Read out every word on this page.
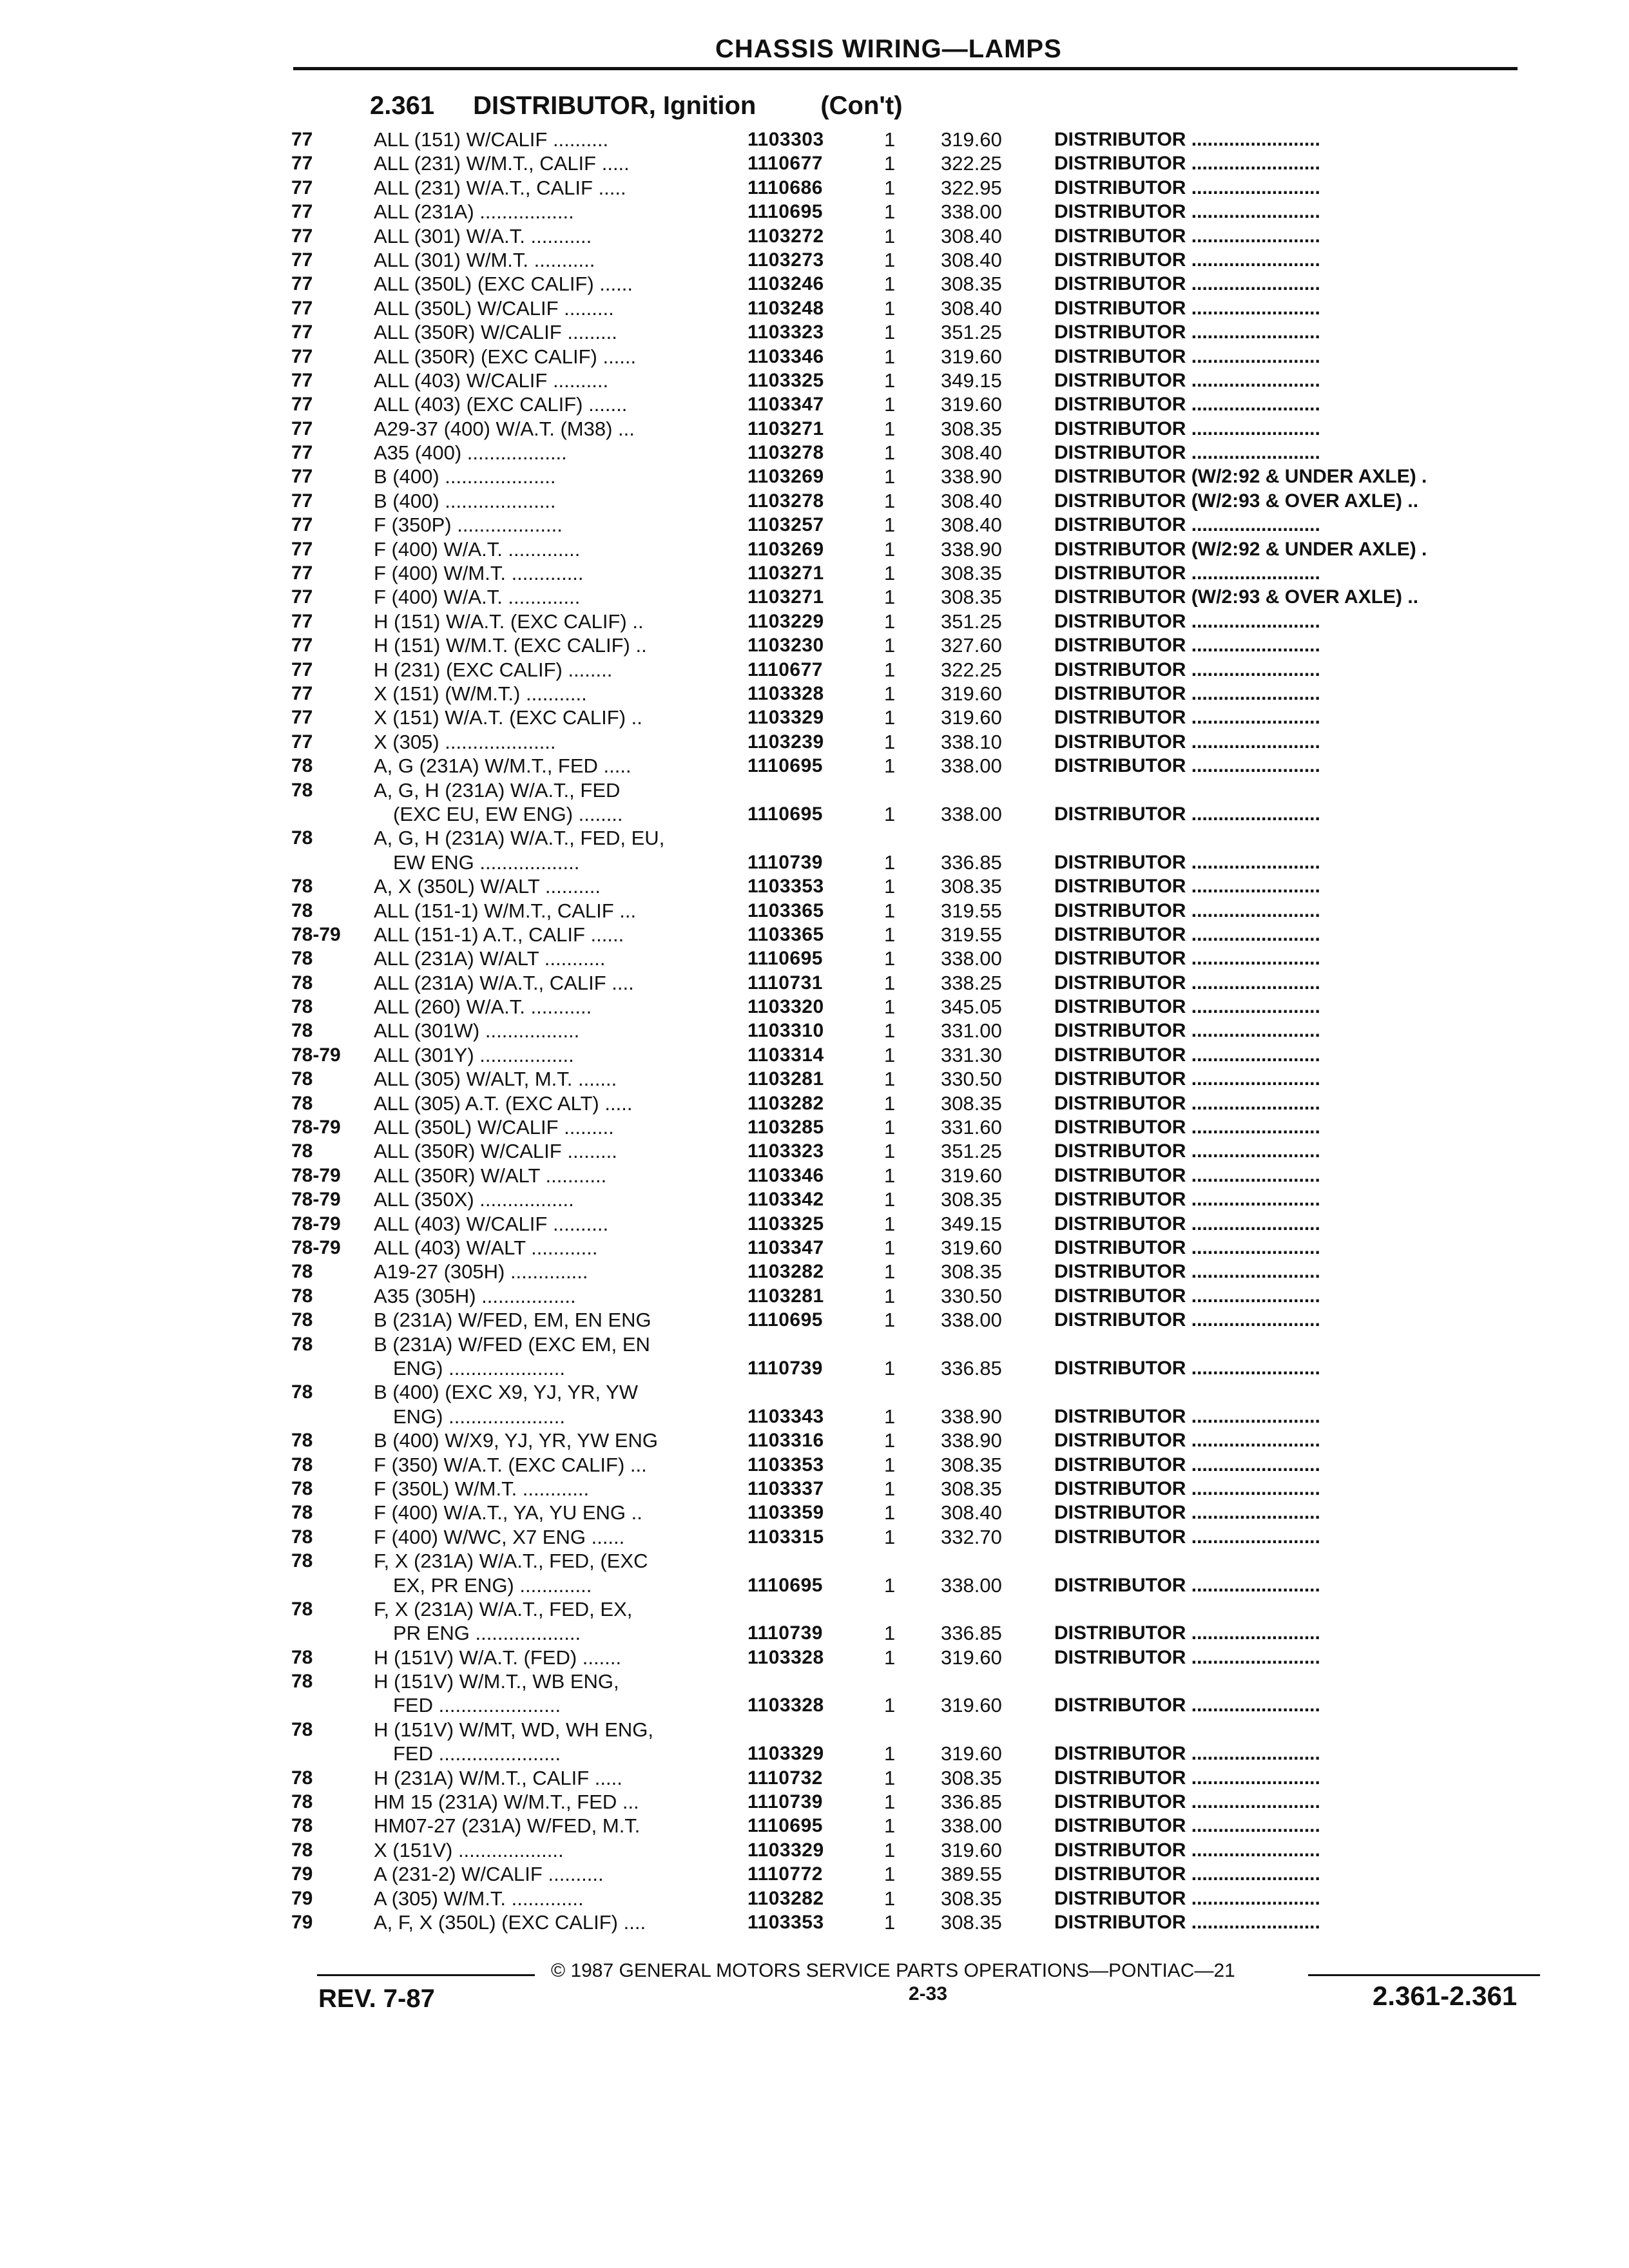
CHASSIS WIRING—LAMPS
2.361 DISTRIBUTOR, Ignition	(Con't)
77	ALL (151) W/CALIF ..........	1103303	1 319.60	DISTRIBUTOR ........................
77	ALL (231) W/M.T., CALIF .....	1110677	1 322.25	DISTRIBUTOR ........................
77	ALL (231) W/A.T., CALIF .....	1110686	1 322.95	DISTRIBUTOR ........................
77	ALL (231A) .................	1110695	1 338.00	DISTRIBUTOR ........................
77	ALL (301) W/A.T. ...........	1103272	1 308.40	DISTRIBUTOR ........................
77	ALL (301) W/M.T. ...........	1103273	1 308.40	DISTRIBUTOR ........................
77	ALL (350L) (EXC CALIF) ......	1103246	1 308.35	DISTRIBUTOR ........................
77	ALL (350L) W/CALIF .........	1103248	1 308.40	DISTRIBUTOR ........................
77	ALL (350R) W/CALIF .........	1103323	1 351.25	DISTRIBUTOR ........................
77	ALL (350R) (EXC CALIF) ......	1103346	1 319.60	DISTRIBUTOR ........................
77	ALL (403) W/CALIF ..........	1103325	1 349.15	DISTRIBUTOR ........................
77	ALL (403) (EXC CALIF) .......	1103347	1 319.60	DISTRIBUTOR ........................
77	A29-37 (400) W/A.T. (M38) ...	1103271	1 308.35	DISTRIBUTOR ........................
77	A35 (400) ..................	1103278	1 308.40	DISTRIBUTOR ........................
77	B (400) ....................	1103269	1 338.90	DISTRIBUTOR (W/2:92 & UNDER AXLE) .
77	B (400) ....................	1103278	1 308.40	DISTRIBUTOR (W/2:93 & OVER AXLE) ..
77	F (350P) ...................	1103257	1 308.40	DISTRIBUTOR ........................
77	F (400) W/A.T. .............	1103269	1 338.90	DISTRIBUTOR (W/2:92 & UNDER AXLE) .
77	F (400) W/M.T. .............	1103271	1 308.35	DISTRIBUTOR ........................
77	F (400) W/A.T. .............	1103271	1 308.35	DISTRIBUTOR (W/2:93 & OVER AXLE) ..
77	H (151) W/A.T. (EXC CALIF) ..	1103229	1 351.25	DISTRIBUTOR ........................
77	H (151) W/M.T. (EXC CALIF) ..	1103230	1 327.60	DISTRIBUTOR ........................
77	H (231) (EXC CALIF) ........	1110677	1 322.25	DISTRIBUTOR ........................
77	X (151) (W/M.T.) ...........	1103328	1 319.60	DISTRIBUTOR ........................
77	X (151) W/A.T. (EXC CALIF) ..	1103329	1 319.60	DISTRIBUTOR ........................
77	X (305) ....................	1103239	1 338.10	DISTRIBUTOR ........................
78	A, G (231A) W/M.T., FED .....	1110695	1 338.00	DISTRIBUTOR ........................
78	A, G, H (231A) W/A.T., FED
(EXC EU, EW ENG) ........	1110695	1 338.00	DISTRIBUTOR ........................
78	A, G, H (231A) W/A.T., FED, EU,
EW ENG ..................	1110739	1 336.85	DISTRIBUTOR ........................
78	A, X (350L) W/ALT ..........	1103353	1 308.35	DISTRIBUTOR ........................
78	ALL (151-1) W/M.T., CALIF ...	1103365	1 319.55	DISTRIBUTOR ........................
78-79 ALL (151-1) A.T., CALIF ......	1103365	1 319.55	DISTRIBUTOR ........................
78	ALL (231A) W/ALT ...........	1110695	1 338.00	DISTRIBUTOR ........................
78	ALL (231A) W/A.T., CALIF ....	1110731	1 338.25	DISTRIBUTOR ........................
78	ALL (260) W/A.T. ...........	1103320	1 345.05	DISTRIBUTOR ........................
78	ALL (301W) .................	1103310	1 331.00	DISTRIBUTOR ........................
78-79 ALL (301Y) .................	1103314	1 331.30	DISTRIBUTOR ........................
78	ALL (305) W/ALT, M.T. .......	1103281	1 330.50	DISTRIBUTOR ........................
78	ALL (305) A.T. (EXC ALT) .....	1103282	1 308.35	DISTRIBUTOR ........................
78-79 ALL (350L) W/CALIF .........	1103285	1 331.60	DISTRIBUTOR ........................
78	ALL (350R) W/CALIF .........	1103323	1 351.25	DISTRIBUTOR ........................
78-79 ALL (350R) W/ALT ...........	1103346	1 319.60	DISTRIBUTOR ........................
78-79 ALL (350X) .................	1103342	1 308.35	DISTRIBUTOR ........................
78-79 ALL (403) W/CALIF ..........	1103325	1 349.15	DISTRIBUTOR ........................
78-79 ALL (403) W/ALT ............	1103347	1 319.60	DISTRIBUTOR ........................
78	A19-27 (305H) ..............	1103282	1 308.35	DISTRIBUTOR ........................
78	A35 (305H) .................	1103281	1 330.50	DISTRIBUTOR ........................
78	B (231A) W/FED, EM, EN ENG	1110695	1 338.00	DISTRIBUTOR ........................
78	B (231A) W/FED (EXC EM, EN
ENG) .....................	1110739	1 336.85	DISTRIBUTOR ........................
78	B (400) (EXC X9, YJ, YR, YW
ENG) .....................	1103343	1 338.90	DISTRIBUTOR ........................
78	B (400) W/X9, YJ, YR, YW ENG	1103316	1 338.90	DISTRIBUTOR ........................
78	F (350) W/A.T. (EXC CALIF) ...	1103353	1 308.35	DISTRIBUTOR ........................
78	F (350L) W/M.T. ............	1103337	1 308.35	DISTRIBUTOR ........................
78	F (400) W/A.T., YA, YU ENG ..	1103359	1 308.40	DISTRIBUTOR ........................
78	F (400) W/WC, X7 ENG ......	1103315	1 332.70	DISTRIBUTOR ........................
78	F, X (231A) W/A.T., FED, (EXC
EX, PR ENG) .............	1110695	1 338.00	DISTRIBUTOR ........................
78	F, X (231A) W/A.T., FED, EX,
PR ENG ...................	1110739	1 336.85	DISTRIBUTOR ........................
78	H (151V) W/A.T. (FED) .......	1103328	1 319.60	DISTRIBUTOR ........................
78	H (151V) W/M.T., WB ENG,
FED ......................	1103328	1 319.60	DISTRIBUTOR ........................
78	H (151V) W/MT, WD, WH ENG,
FED ......................	1103329	1 319.60	DISTRIBUTOR ........................
78	H (231A) W/M.T., CALIF .....	1110732	1 308.35	DISTRIBUTOR ........................
78	HM 15 (231A) W/M.T., FED ...	1110739	1 336.85	DISTRIBUTOR ........................
78	HM07-27 (231A) W/FED, M.T.	1110695	1 338.00	DISTRIBUTOR ........................
78	X (151V) ...................	1103329	1 319.60	DISTRIBUTOR ........................
79	A (231-2) W/CALIF ..........	1110772	1 389.55	DISTRIBUTOR ........................
79	A (305) W/M.T. .............	1103282	1 308.35	DISTRIBUTOR ........................
79	A, F, X (350L) (EXC CALIF) ....	1103353	1 308.35	DISTRIBUTOR ........................
© 1987 GENERAL MOTORS SERVICE PARTS OPERATIONS—PONTIAC—21
REV. 7-87	2-33	2.361-2.361
